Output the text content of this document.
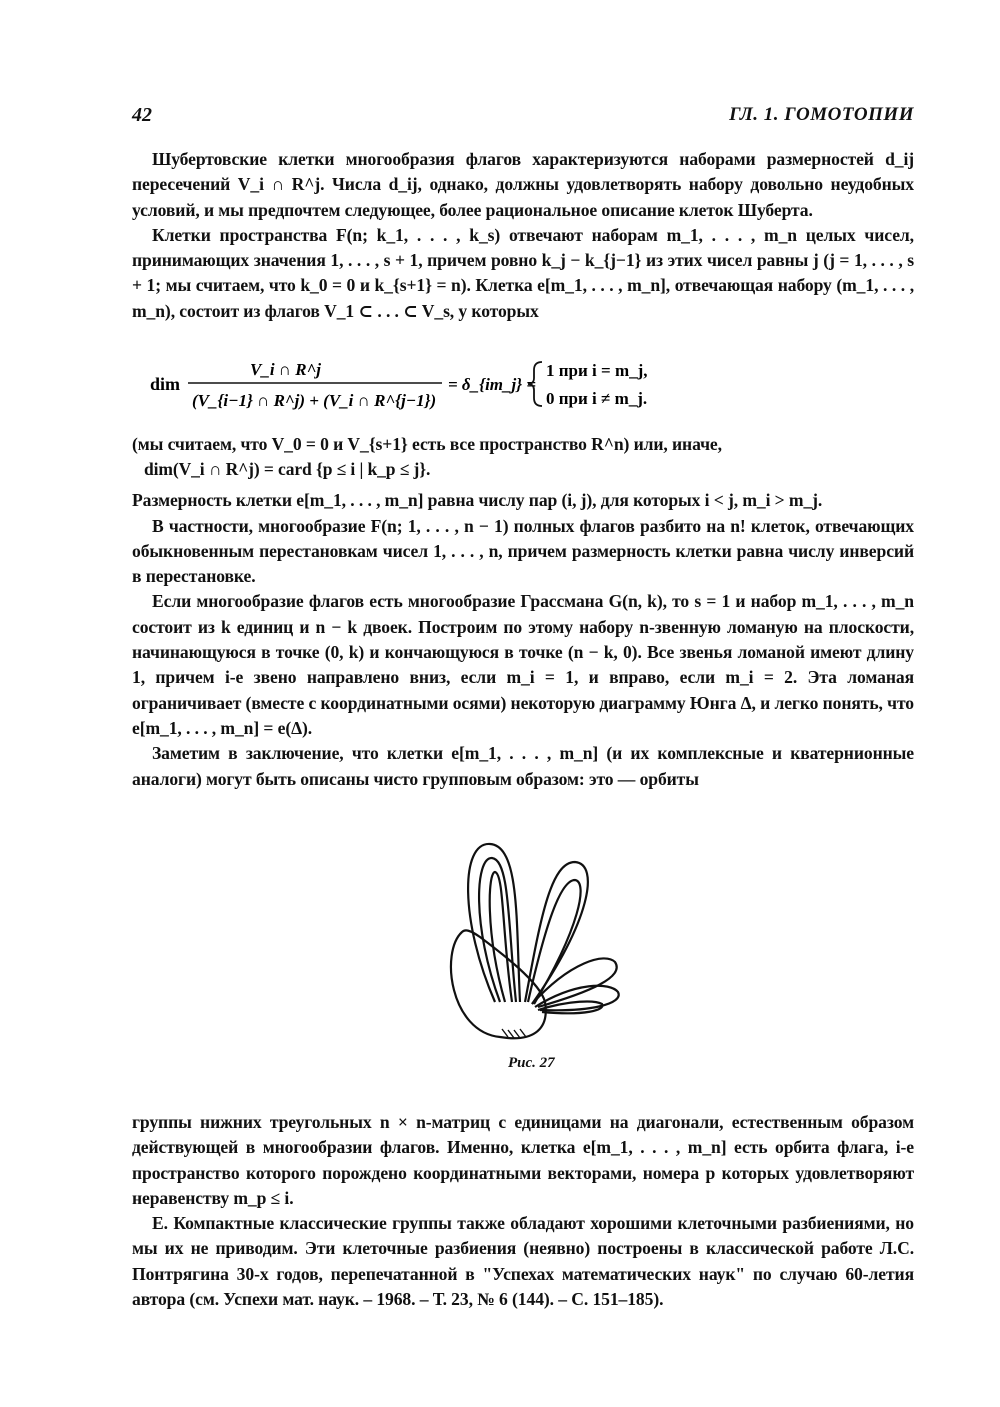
42	ГЛ. 1. ГОМОТОПИИ

Шубертовские клетки многообразия флагов характеризуются наборами размерностей d_ij пересечений V_i ∩ R^j. Числа d_ij, однако, должны удовлетворять набору довольно неудобных условий, и мы предпочтем следующее, более рациональное описание клеток Шуберта.

Клетки пространства F(n; k_1, . . . , k_s) отвечают наборам m_1, . . . , m_n целых чисел, принимающих значения 1, . . . , s + 1, причем ровно k_j − k_{j−1} из этих чисел равны j (j = 1, . . . , s + 1; мы считаем, что k_0 = 0 и k_{s+1} = n). Клетка e[m_1, . . . , m_n], отвечающая набору (m_1, . . . , m_n), состоит из флагов V_1 ⊂ . . . ⊂ V_s, у которых

dim
V_i ∩ R^j
(V_{i−1} ∩ R^j) + (V_i ∩ R^{j−1})
= δ_{im_j} =
1 при i = m_j,
0 при i ≠ m_j.

(мы считаем, что V_0 = 0 и V_{s+1} есть все пространство R^n) или, иначе,

dim(V_i ∩ R^j) = card {p ≤ i | k_p ≤ j}.

Размерность клетки e[m_1, . . . , m_n] равна числу пар (i, j), для которых i < j, m_i > m_j.

В частности, многообразие F(n; 1, . . . , n − 1) полных флагов разбито на n! клеток, отвечающих обыкновенным перестановкам чисел 1, . . . , n, причем размерность клетки равна числу инверсий в перестановке.

Если многообразие флагов есть многообразие Грассмана G(n, k), то s = 1 и набор m_1, . . . , m_n состоит из k единиц и n − k двоек. Построим по этому набору n-звенную ломаную на плоскости, начинающуюся в точке (0, k) и кончающуюся в точке (n − k, 0). Все звенья ломаной имеют длину 1, причем i-е звено направлено вниз, если m_i = 1, и вправо, если m_i = 2. Эта ломаная ограничивает (вместе с координатными осями) некоторую диаграмму Юнга Δ, и легко понять, что e[m_1, . . . , m_n] = e(Δ).

Заметим в заключение, что клетки e[m_1, . . . , m_n] (и их комплексные и кватернионные аналоги) могут быть описаны чисто групповым образом: это — орбиты

Рис. 27

группы нижних треугольных n × n-матриц с единицами на диагонали, естественным образом действующей в многообразии флагов. Именно, клетка e[m_1, . . . , m_n] есть орбита флага, i-е пространство которого порождено координатными векторами, номера p которых удовлетворяют неравенству m_p ≤ i.

E. Компактные классические группы также обладают хорошими клеточными разбиениями, но мы их не приводим. Эти клеточные разбиения (неявно) построены в классической работе Л.С. Понтрягина 30-х годов, перепечатанной в "Успехах математических наук" по случаю 60-летия автора (см. Успехи мат. наук. – 1968. – Т. 23, № 6 (144). – С. 151–185).
